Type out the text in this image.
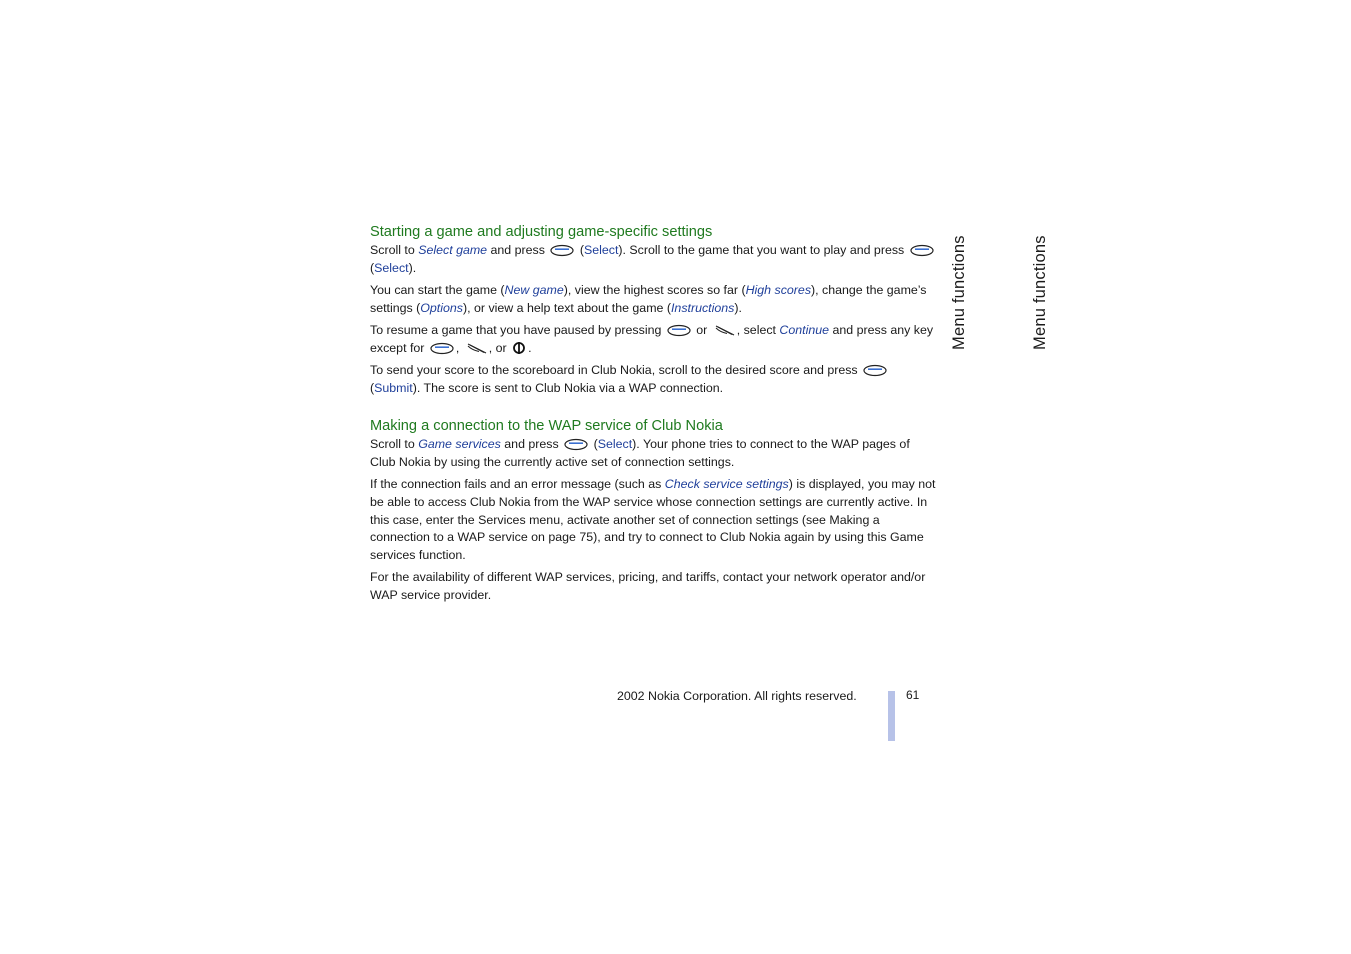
Menu functions	Menu functions
Starting a game and adjusting game-specific settings

Scroll to Select game and press  (Select). Scroll to the game that you want to play and press
(Select).

You can start the game (New game), view the highest scores so far (High scores), change the game’s settings (Options), or view a help text about the game (Instructions).

To resume a game that you have paused by pressing  or , select Continue and press any key except for , , or .

To send your score to the scoreboard in Club Nokia, scroll to the desired score and press  (Submit). The score is sent to Club Nokia via a WAP connection.

Making a connection to the WAP service of Club Nokia

Scroll to Game services and press  (Select). Your phone tries to connect to the WAP pages of Club Nokia by using the currently active set of connection settings.

If the connection fails and an error message (such as Check service settings) is displayed, you may not be able to access Club Nokia from the WAP service whose connection settings are currently active. In this case, enter the Services menu, activate another set of connection settings (see Making a connection to a WAP service on page 75), and try to connect to Club Nokia again by using this Game services function.

For the availability of different WAP services, pricing, and tariffs, contact your network operator and/or WAP service provider.

2002 Nokia Corporation. All rights reserved.	61
